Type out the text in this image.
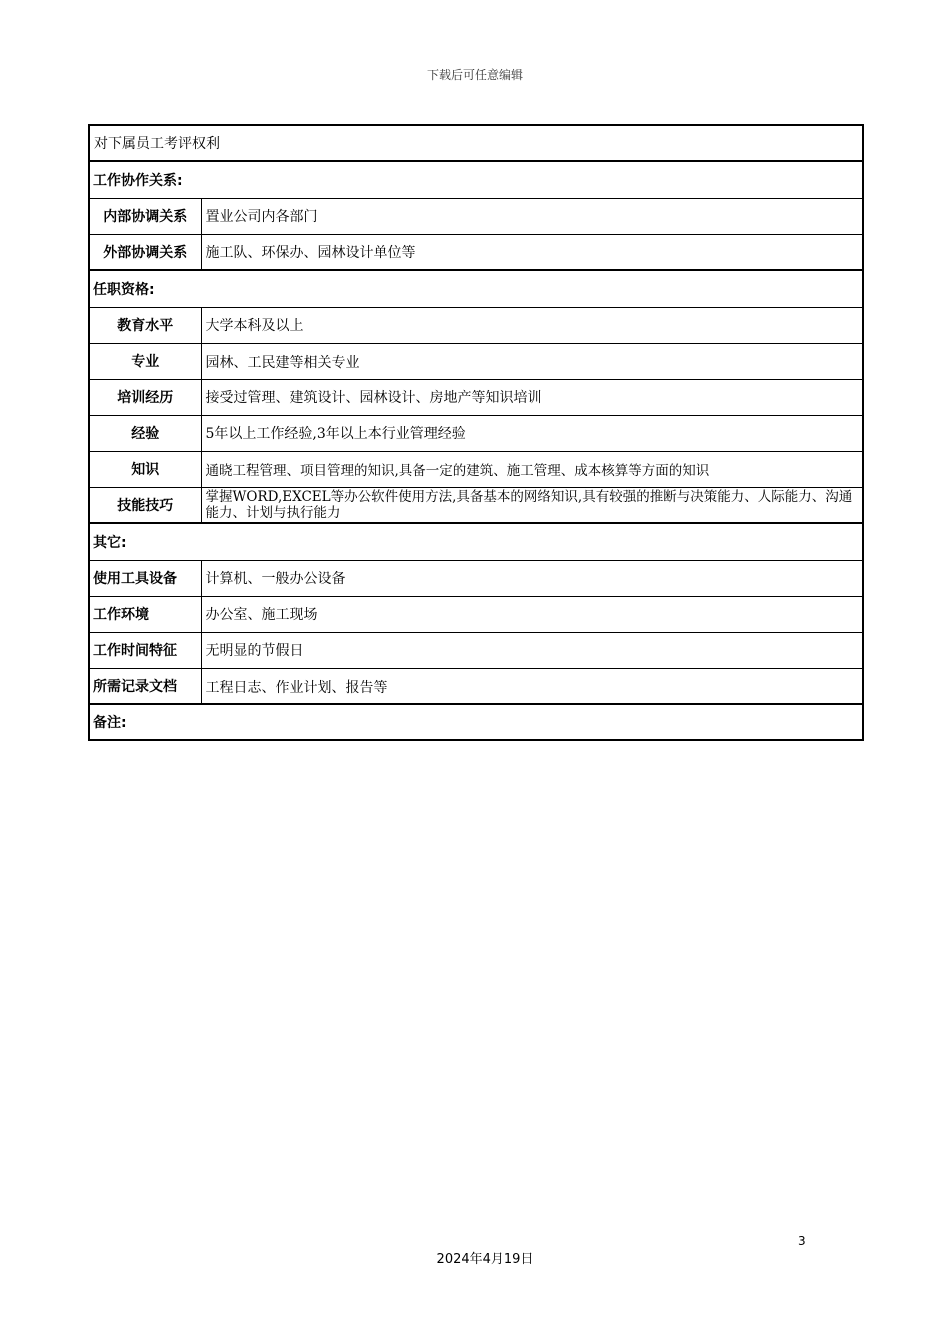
下载后可任意编辑
对下属员工考评权利	
工作协作关系:	
内部协调关系	置业公司内各部门
外部协调关系	施工队、环保办、园林设计单位等
任职资格:	
教育水平	大学本科及以上
专业	园林、工民建等相关专业
培训经历	接受过管理、建筑设计、园林设计、房地产等知识培训
经验	5年以上工作经验,3年以上本行业管理经验
知识	通晓工程管理、项目管理的知识,具备一定的建筑、施工管理、成本核算等方面的知识
技能技巧	掌握WORD,EXCEL等办公软件使用方法,具备基本的网络知识,具有较强的推断与决策能力、人际能力、沟通能力、计划与执行能力
其它:	
使用工具设备	计算机、一般办公设备
工作环境	办公室、施工现场
工作时间特征	无明显的节假日
所需记录文档	工程日志、作业计划、报告等
备注:	
3
2024年4月19日
